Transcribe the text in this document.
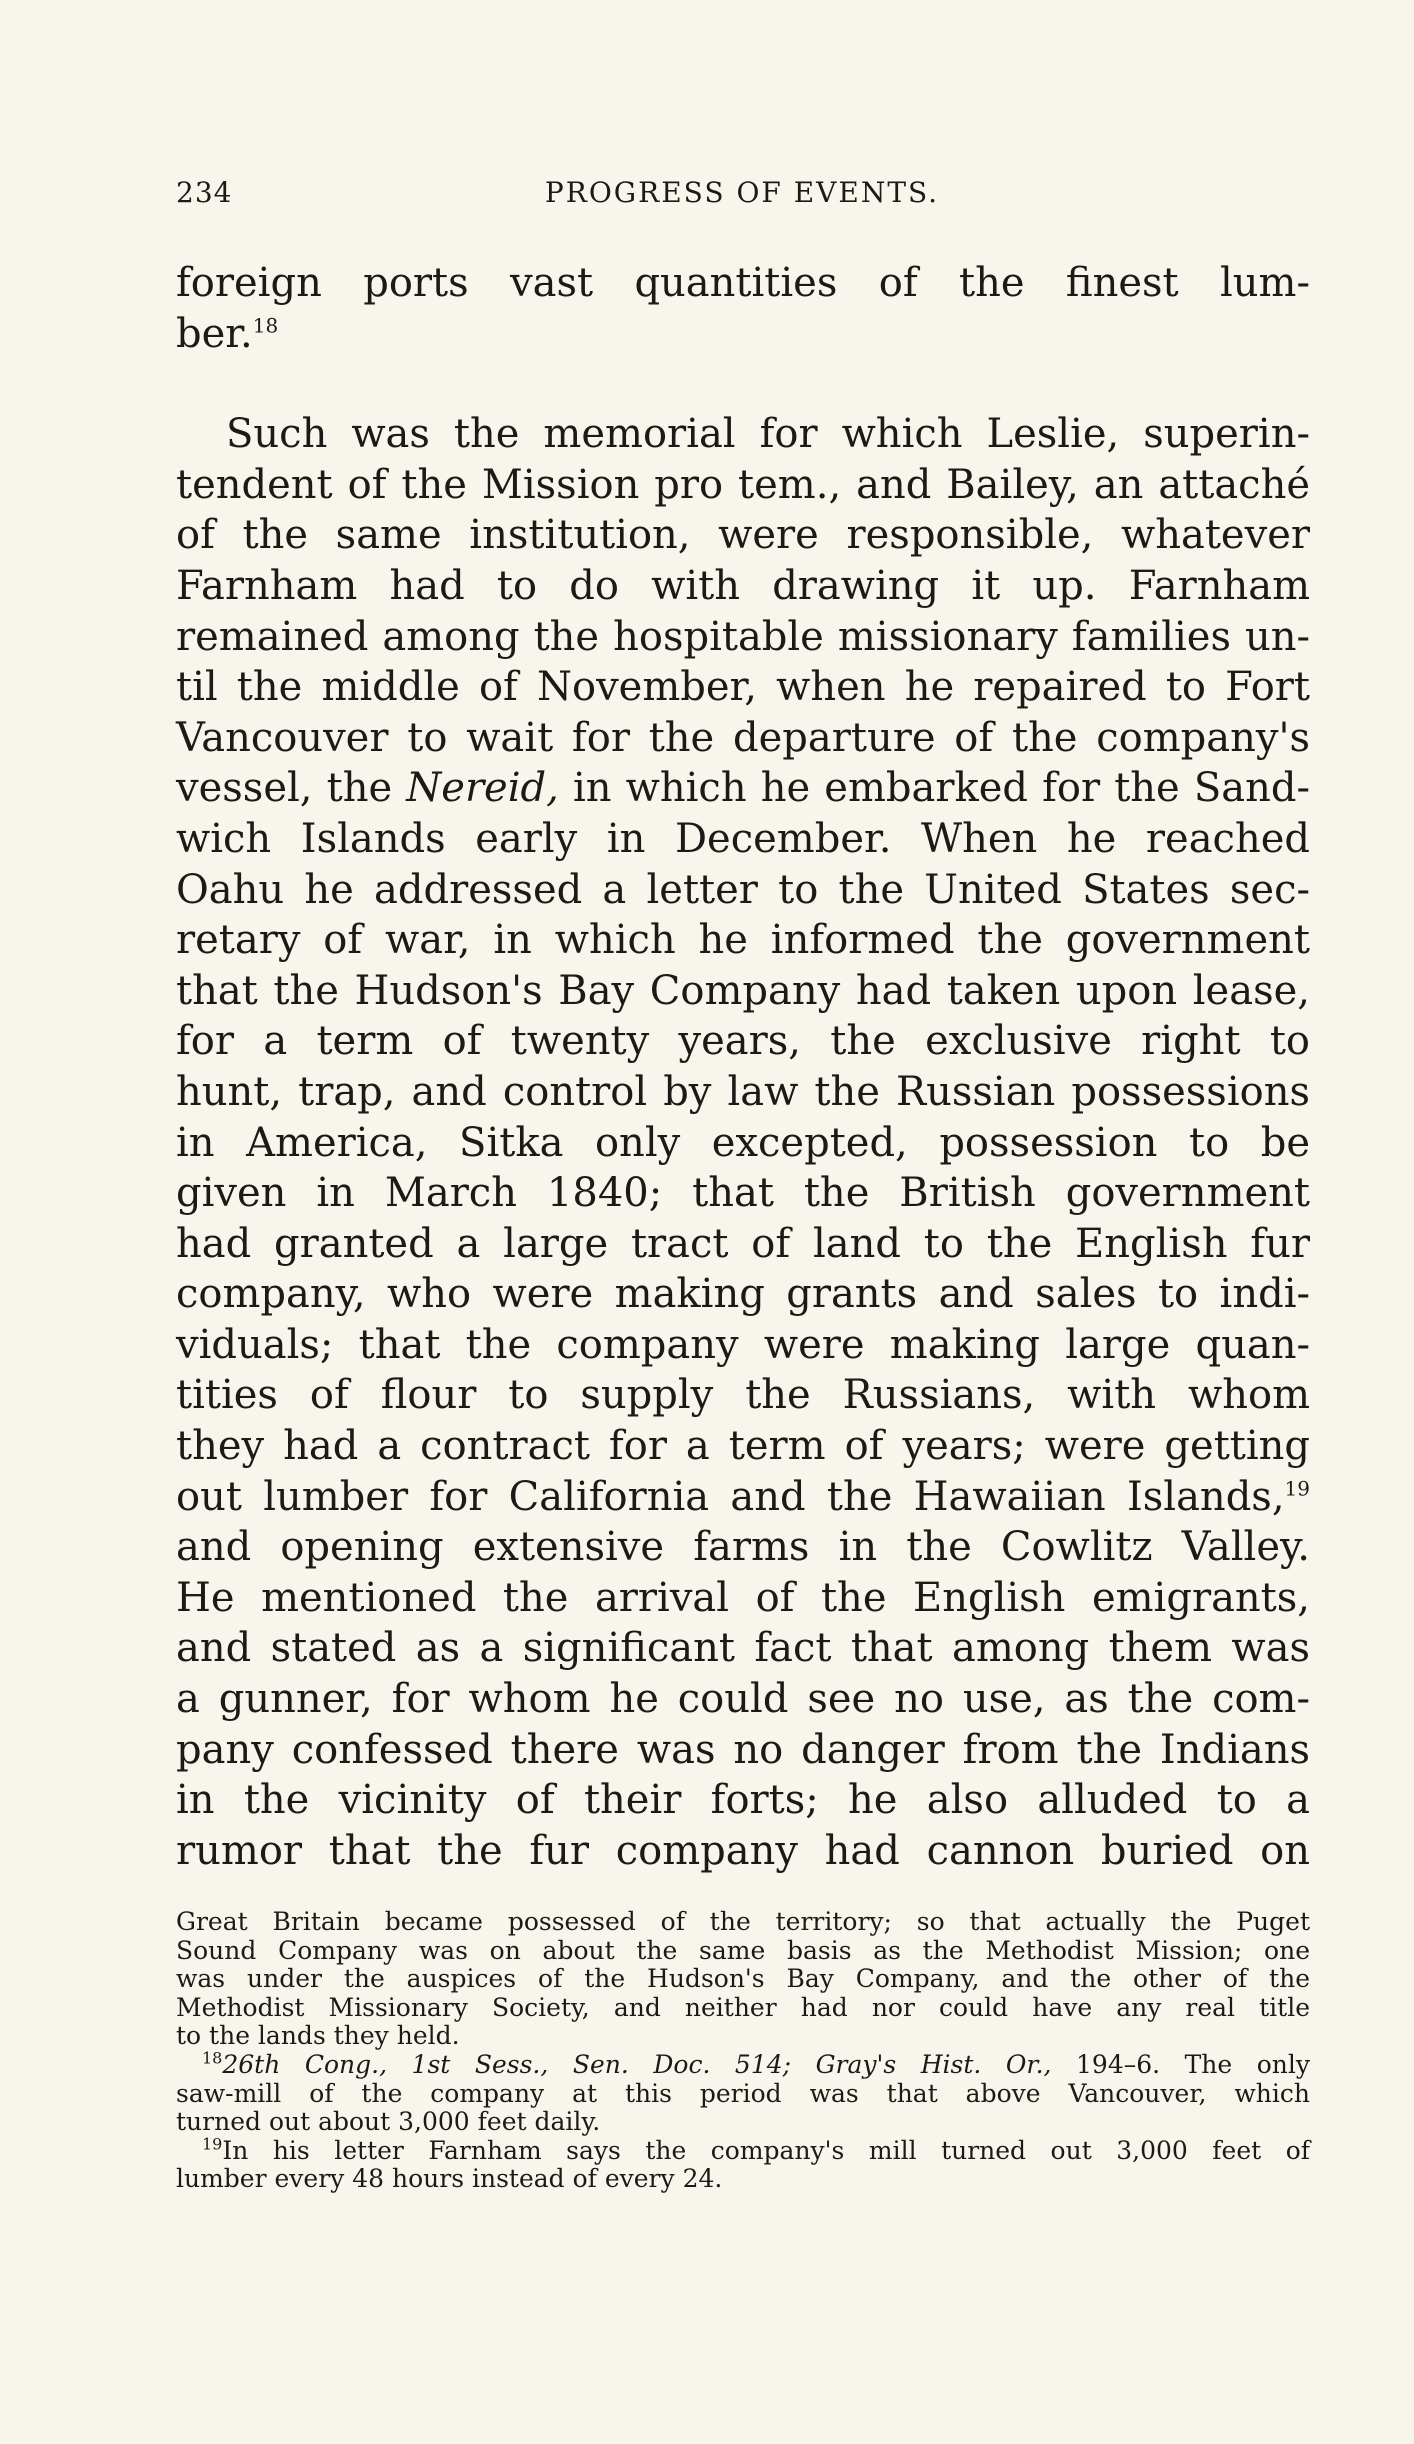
234	PROGRESS OF EVENTS.
foreign ports vast quantities of the finest lum-
ber.$^{18}$
Such was the memorial for which Leslie, superin-
tendent of the Mission pro tem., and Bailey, an attaché
of the same institution, were responsible, whatever
Farnham had to do with drawing it up. Farnham
remained among the hospitable missionary families un-
til the middle of November, when he repaired to Fort
Vancouver to wait for the departure of the company's
vessel, the Nereid, in which he embarked for the Sand-
wich Islands early in December. When he reached
Oahu he addressed a letter to the United States sec-
retary of war, in which he informed the government
that the Hudson's Bay Company had taken upon lease,
for a term of twenty years, the exclusive right to
hunt, trap, and control by law the Russian possessions
in America, Sitka only excepted, possession to be
given in March 1840; that the British government
had granted a large tract of land to the English fur
company, who were making grants and sales to indi-
viduals; that the company were making large quan-
tities of flour to supply the Russians, with whom
they had a contract for a term of years; were getting
out lumber for California and the Hawaiian Islands,$^{19}$
and opening extensive farms in the Cowlitz Valley.
He mentioned the arrival of the English emigrants,
and stated as a significant fact that among them was
a gunner, for whom he could see no use, as the com-
pany confessed there was no danger from the Indians
in the vicinity of their forts; he also alluded to a
rumor that the fur company had cannon buried on
Great Britain became possessed of the territory; so that actually the Puget
Sound Company was on about the same basis as the Methodist Mission; one
was under the auspices of the Hudson's Bay Company, and the other of the
Methodist Missionary Society, and neither had nor could have any real title
to the lands they held.
$^{18}$26th Cong., 1st Sess., Sen. Doc. 514; Gray's Hist. Or., 194–6. The only
saw-mill of the company at this period was that above Vancouver, which
turned out about 3,000 feet daily.
$^{19}$In his letter Farnham says the company's mill turned out 3,000 feet of
lumber every 48 hours instead of every 24.
